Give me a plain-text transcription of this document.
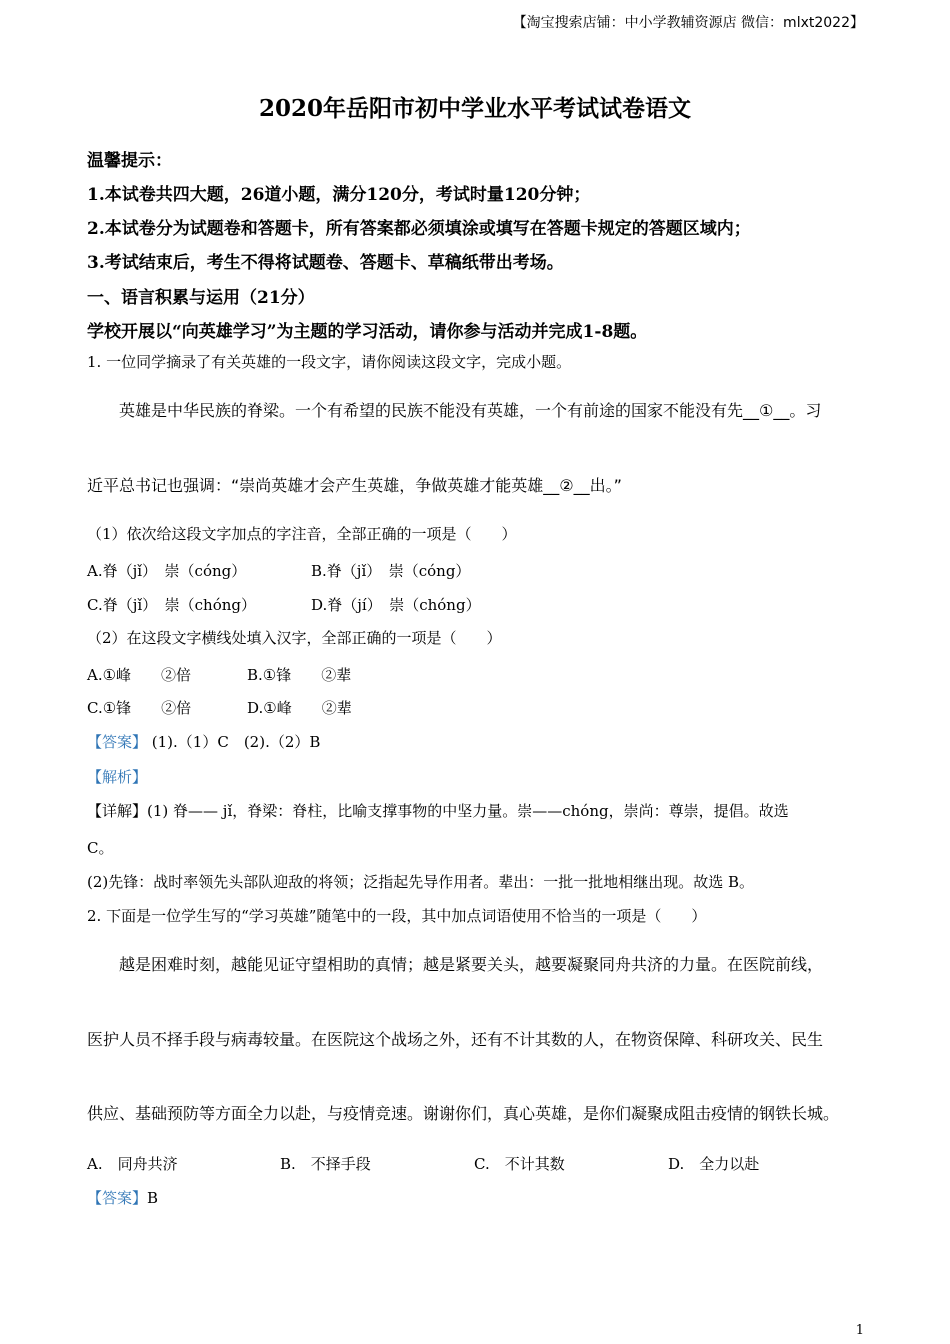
【淘宝搜索店铺：中小学教辅资源店 微信：mlxt2022】
2020年岳阳市初中学业水平考试试卷语文
温馨提示：
1.本试卷共四大题，26道小题，满分120分，考试时量120分钟；
2.本试卷分为试题卷和答题卡，所有答案都必须填涂或填写在答题卡规定的答题区域内；
3.考试结束后，考生不得将试题卷、答题卡、草稿纸带出考场。
一、语言积累与运用（21分）
学校开展以“向英雄学习”为主题的学习活动，请你参与活动并完成1-8题。
1. 一位同学摘录了有关英雄的一段文字，请你阅读这段文字，完成小题。
英雄是中华民族的脊梁。一个有希望的民族不能没有英雄，一个有前途的国家不能没有先__①__。习
近平总书记也强调：“崇尚英雄才会产生英雄，争做英雄才能英雄__②__出。”
（1）依次给这段文字加点的字注音，全部正确的一项是（　　）
A.脊（jǐ）　崇（cóng）	B.脊（jǐ）　崇（cóng）
C.脊（jǐ）　崇（chóng）	D.脊（jí）　崇（chóng）
（2）在这段文字横线处填入汉字，全部正确的一项是（　　）
A.①峰　　②倍	B.①锋　　②辈
C.①锋　　②倍	D.①峰　　②辈
【答案】 (1).（1）C　(2).（2）B
【解析】
【详解】(1) 脊—— jǐ，脊梁：脊柱，比喻支撑事物的中坚力量。崇——chóng，崇尚：尊崇，提倡。故选
C。
(2)先锋：战时率领先头部队迎敌的将领；泛指起先导作用者。辈出：一批一批地相继出现。故选 B。
2. 下面是一位学生写的“学习英雄”随笔中的一段，其中加点词语使用不恰当的一项是（　　）
越是困难时刻，越能见证守望相助的真情；越是紧要关头，越要凝聚同舟共济的力量。在医院前线，
医护人员不择手段与病毒较量。在医院这个战场之外，还有不计其数的人，在物资保障、科研攻关、民生
供应、基础预防等方面全力以赴，与疫情竞速。谢谢你们，真心英雄，是你们凝聚成阻击疫情的钢铁长城。
A.　同舟共济	B.　不择手段	C.　不计其数	D.　全力以赴
【答案】B
1
